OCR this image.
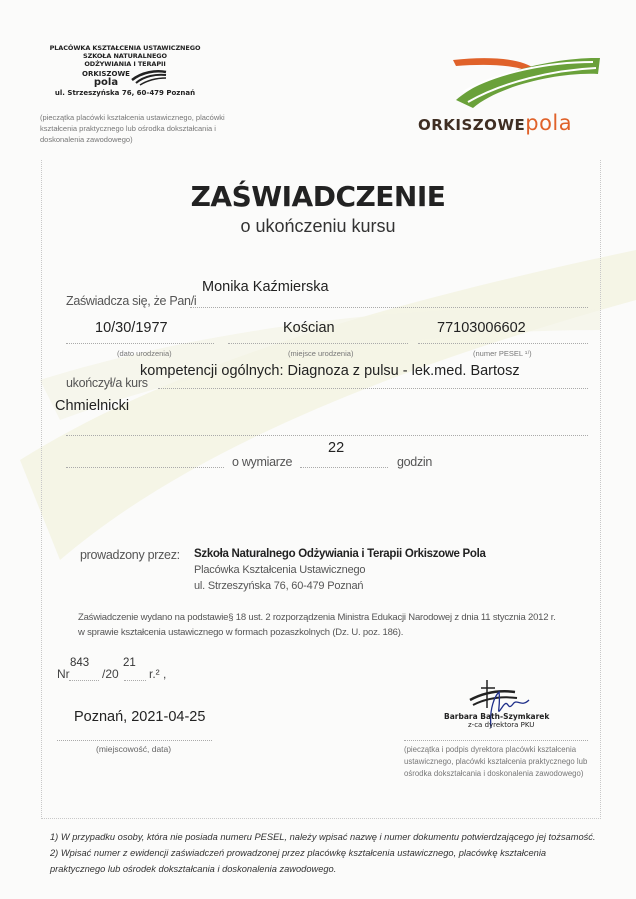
PLACÓWKA KSZTAŁCENIA USTAWICZNEGO
SZKOŁA NATURALNEGO
ODŻYWIANIA I TERAPII
orkiszowe
pola
ul. Strzeszyńska 76, 60-479 Poznań
(pieczątka placówki kształcenia ustawicznego, placówki kształcenia praktycznego lub ośrodka dokształcania i doskonalenia zawodowego)
orkiszowepola
ZAŚWIADCZENIE
o ukończeniu kursu
Monika Kaźmierska
Zaświadcza się, że Pan/i
10/30/1977	Kościan	77103006602
(dato urodzenia)	(miejsce urodzenia)	(numer PESEL ¹⁾)
kompetencji ogólnych: Diagnoza z pulsu - lek.med. Bartosz
ukończył/a kurs
Chmielnicki
22
o wymiarze	godzin
prowadzony przez: Szkoła Naturalnego Odżywiania i Terapii Orkiszowe Pola
Placówka Kształcenia Ustawicznego
ul. Strzeszyńska 76, 60-479 Poznań
Zaświadczenie wydano na podstawie§ 18 ust. 2 rozporządzenia Ministra Edukacji Narodowej z dnia 11 stycznia 2012 r.
w sprawie kształcenia ustawicznego w formach pozaszkolnych (Dz. U. poz. 186).
Nr
843
/20
21
r.² ,
Poznań, 2021-04-25
(miejscowość, data)
Barbara Bath-Szymkarek
z-ca dyrektora PKU
(pieczątka i podpis dyrektora placówki kształcenia ustawicznego, placówki kształcenia praktycznego lub ośrodka dokształcania i doskonalenia zawodowego)
1) W przypadku osoby, która nie posiada numeru PESEL, należy wpisać nazwę i numer dokumentu potwierdzającego jej tożsamość.
2) Wpisać numer z ewidencji zaświadczeń prowadzonej przez placówkę kształcenia ustawicznego, placówkę kształcenia
praktycznego lub ośrodek dokształcania i doskonalenia zawodowego.
